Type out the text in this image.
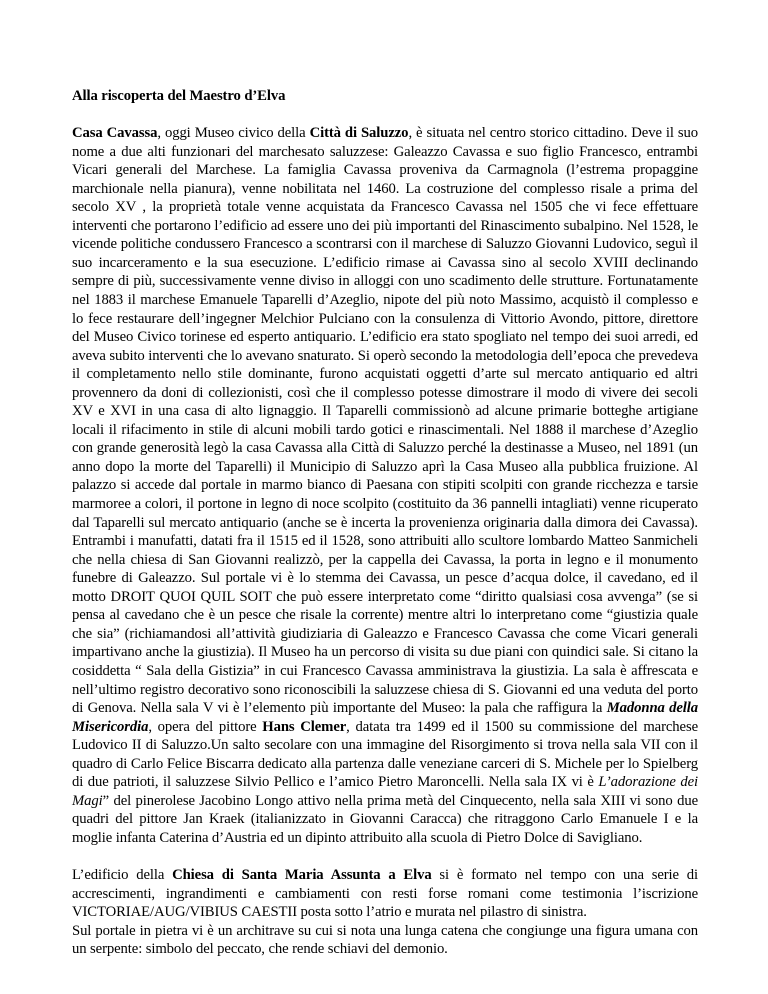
Alla riscoperta del Maestro d’Elva

Casa Cavassa, oggi Museo civico della Città di Saluzzo, è situata nel centro storico cittadino. Deve il suo nome a due alti funzionari del marchesato saluzzese: Galeazzo Cavassa e suo figlio Francesco, entrambi Vicari generali del Marchese. La famiglia Cavassa proveniva da Carmagnola (l’estrema propaggine marchionale nella pianura), venne nobilitata nel 1460. La costruzione del complesso risale a prima del secolo XV , la proprietà totale venne acquistata da Francesco Cavassa nel 1505 che vi fece effettuare interventi che portarono l’edificio ad essere uno dei più importanti del Rinascimento subalpino. Nel 1528, le vicende politiche condussero Francesco a scontrarsi con il marchese di Saluzzo Giovanni Ludovico, seguì il suo incarceramento e la sua esecuzione. L’edificio rimase ai Cavassa sino al secolo XVIII declinando sempre di più, successivamente venne diviso in alloggi con uno scadimento delle strutture. Fortunatamente nel 1883 il marchese Emanuele Taparelli d’Azeglio, nipote del più noto Massimo, acquistò il complesso e lo fece restaurare dell’ingegner Melchior Pulciano con la consulenza di Vittorio Avondo, pittore, direttore del Museo Civico torinese ed esperto antiquario. L’edificio era stato spogliato nel tempo dei suoi arredi, ed aveva subito interventi che lo avevano snaturato. Si operò secondo la metodologia dell’epoca che prevedeva il completamento nello stile dominante, furono acquistati oggetti d’arte sul mercato antiquario ed altri provennero da doni di collezionisti, così che il complesso potesse dimostrare il modo di vivere dei secoli XV e XVI in una casa di alto lignaggio. Il Taparelli commissionò ad alcune primarie botteghe artigiane locali il rifacimento in stile di alcuni mobili tardo gotici e rinascimentali. Nel 1888 il marchese d’Azeglio con grande generosità legò la casa Cavassa alla Città di Saluzzo perché la destinasse a Museo, nel 1891 (un anno dopo la morte del Taparelli) il Municipio di Saluzzo aprì la Casa Museo alla pubblica fruizione. Al palazzo si accede dal portale in marmo bianco di Paesana con stipiti scolpiti con grande ricchezza e tarsie marmoree a colori, il portone in legno di noce scolpito (costituito da 36 pannelli intagliati) venne ricuperato dal Taparelli sul mercato antiquario (anche se è incerta la provenienza originaria dalla dimora dei Cavassa). Entrambi i manufatti, datati fra il 1515 ed il 1528, sono attribuiti allo scultore lombardo Matteo Sanmicheli che nella chiesa di San Giovanni realizzò, per la cappella dei Cavassa, la porta in legno e il monumento funebre di Galeazzo. Sul portale vi è lo stemma dei Cavassa, un pesce d’acqua dolce, il cavedano, ed il motto DROIT QUOI QUIL SOIT che può essere interpretato come “diritto qualsiasi cosa avvenga” (se si pensa al cavedano che è un pesce che risale la corrente) mentre altri lo interpretano come “giustizia quale che sia” (richiamandosi all’attività giudiziaria di Galeazzo e Francesco Cavassa che come Vicari generali impartivano anche la giustizia). Il Museo ha un percorso di visita su due piani con quindici sale. Si citano la cosiddetta “ Sala della Gistizia” in cui Francesco Cavassa amministrava la giustizia. La sala è affrescata e nell’ultimo registro decorativo sono riconoscibili la saluzzese chiesa di S. Giovanni ed una veduta del porto di Genova. Nella sala V vi è l’elemento più importante del Museo: la pala che raffigura la Madonna della Misericordia, opera del pittore Hans Clemer, datata tra 1499 ed il 1500 su commissione del marchese Ludovico II di Saluzzo.Un salto secolare con una immagine del Risorgimento si trova nella sala VII con il quadro di Carlo Felice Biscarra dedicato alla partenza dalle veneziane carceri di S. Michele per lo Spielberg di due patrioti, il saluzzese Silvio Pellico e l’amico Pietro Maroncelli. Nella sala IX vi è L’adorazione dei Magi” del pinerolese Jacobino Longo attivo nella prima metà del Cinquecento, nella sala XIII vi sono due quadri del pittore Jan Kraek (italianizzato in Giovanni Caracca) che ritraggono Carlo Emanuele I e la moglie infanta Caterina d’Austria ed un dipinto attribuito alla scuola di Pietro Dolce di Savigliano.

L’edificio della Chiesa di Santa Maria Assunta a Elva si è formato nel tempo con una serie di accrescimenti, ingrandimenti e cambiamenti con resti forse romani come testimonia l’iscrizione VICTORIAE/AUG/VIBIUS CAESTII posta sotto l’atrio e murata nel pilastro di sinistra.

Sul portale in pietra vi è un architrave su cui si nota una lunga catena che congiunge una figura umana con un serpente: simbolo del peccato, che rende schiavi del demonio.
